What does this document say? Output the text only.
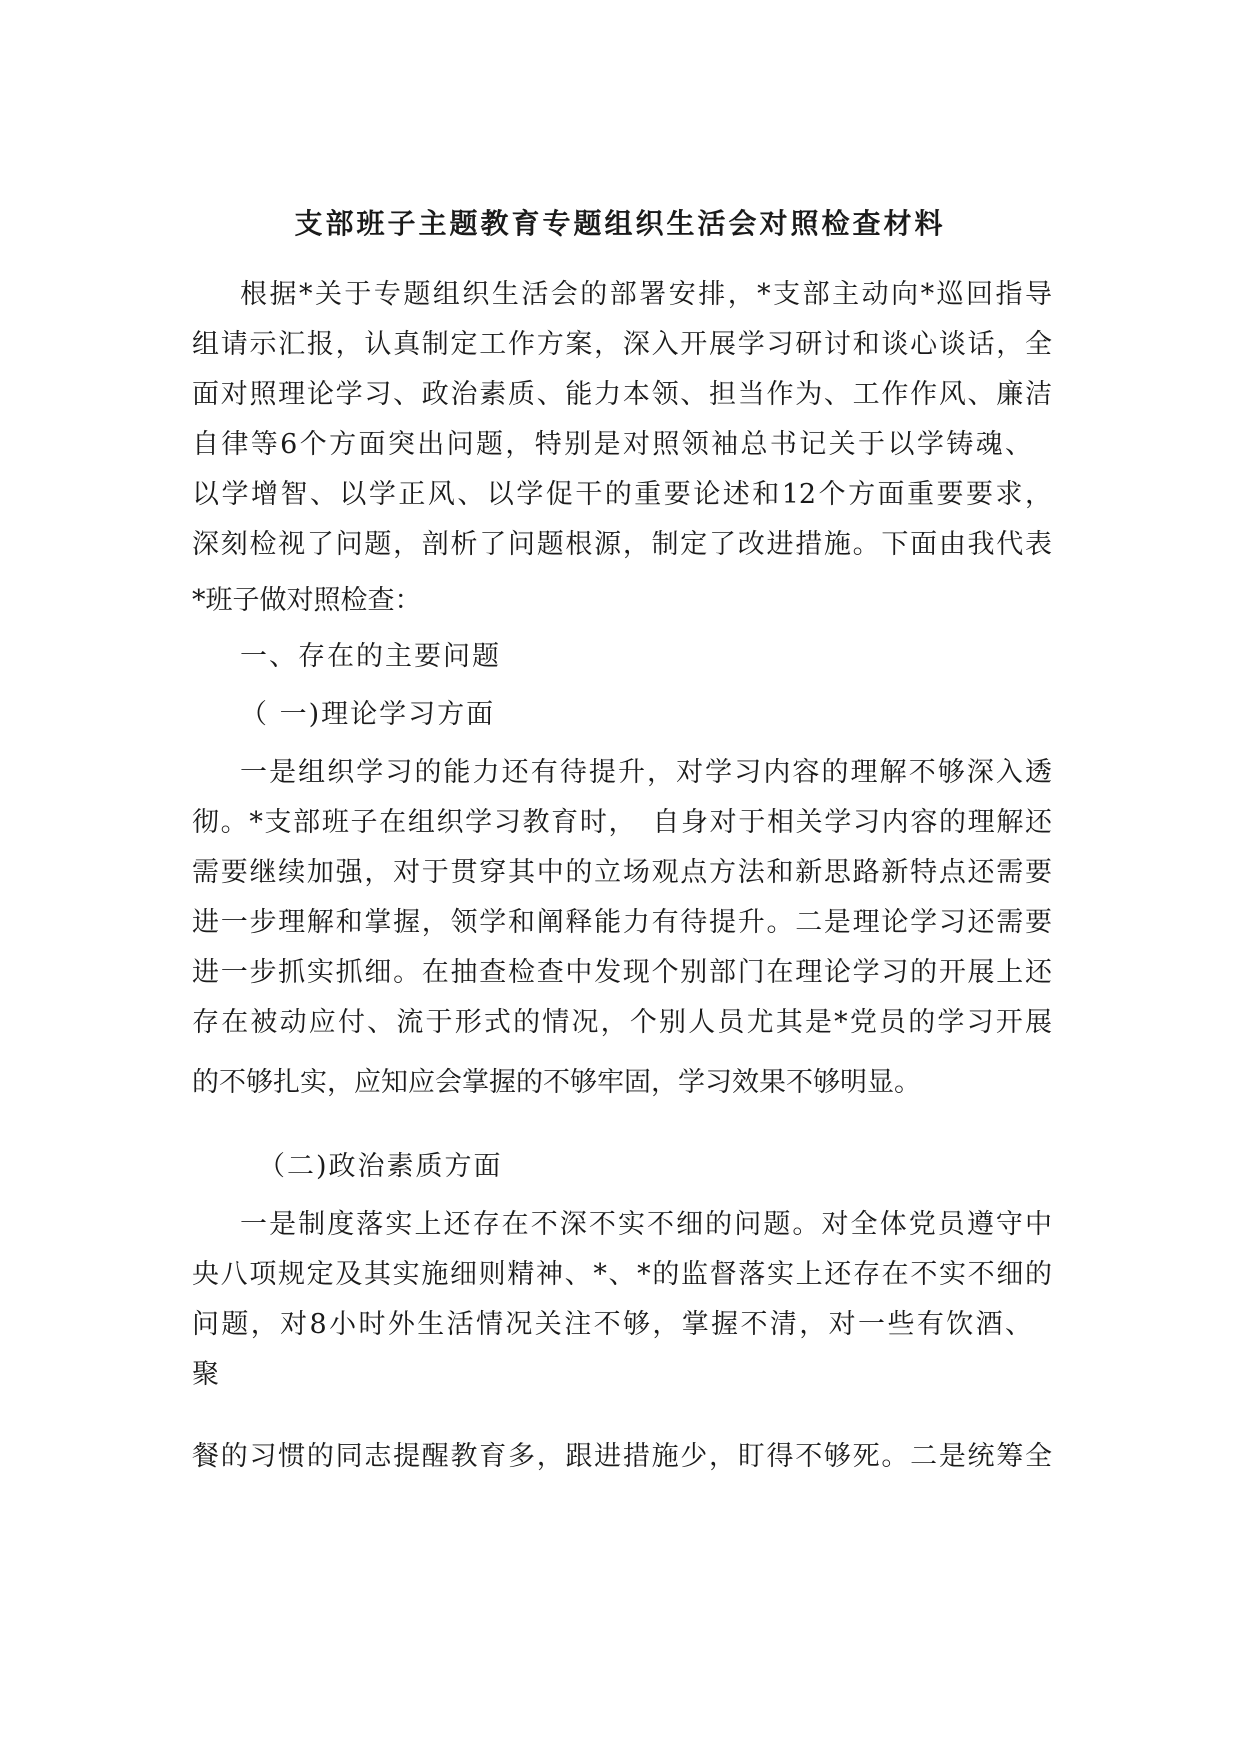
支部班子主题教育专题组织生活会对照检查材料
根据*关于专题组织生活会的部署安排，*支部主动向*巡回指导
组请示汇报，认真制定工作方案，深入开展学习研讨和谈心谈话，全
面对照理论学习、政治素质、能力本领、担当作为、工作作风、廉洁
自律等6个方面突出问题，特别是对照领袖总书记关于以学铸魂、
以学增智、以学正风、以学促干的重要论述和12个方面重要要求，
深刻检视了问题，剖析了问题根源，制定了改进措施。下面由我代表
*班子做对照检查：
一、存在的主要问题
（ 一)理论学习方面
一是组织学习的能力还有待提升，对学习内容的理解不够深入透
彻。*支部班子在组织学习教育时，　自身对于相关学习内容的理解还
需要继续加强，对于贯穿其中的立场观点方法和新思路新特点还需要
进一步理解和掌握，领学和阐释能力有待提升。二是理论学习还需要
进一步抓实抓细。在抽查检查中发现个别部门在理论学习的开展上还
存在被动应付、流于形式的情况，个别人员尤其是*党员的学习开展
的不够扎实，应知应会掌握的不够牢固，学习效果不够明显。
（二)政治素质方面
一是制度落实上还存在不深不实不细的问题。对全体党员遵守中
央八项规定及其实施细则精神、*、*的监督落实上还存在不实不细的
问题，对8小时外生活情况关注不够，掌握不清，对一些有饮酒、
聚
餐的习惯的同志提醒教育多，跟进措施少，盯得不够死。二是统筹全
